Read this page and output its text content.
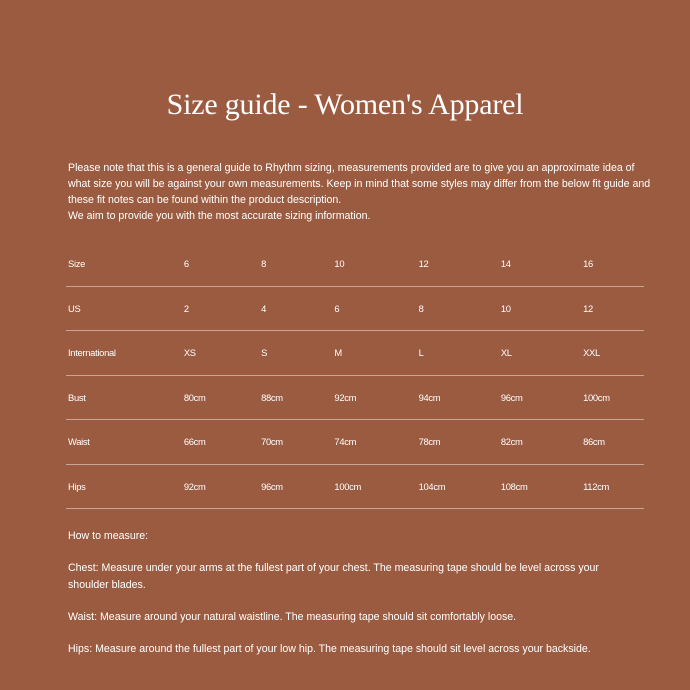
Size guide - Women's Apparel

Please note that this is a general guide to Rhythm sizing, measurements provided are to give you an approximate idea of what size you will be against your own measurements. Keep in mind that some styles may differ from the below fit guide and these fit notes can be found within the product description.

We aim to provide you with the most accurate sizing information.

Size	6	8	10	12	14	16
US	2	4	6	8	10	12
International	XS	S	M	L	XL	XXL
Bust	80cm	88cm	92cm	94cm	96cm	100cm
Waist	66cm	70cm	74cm	78cm	82cm	86cm
Hips	92cm	96cm	100cm	104cm	108cm	112cm

How to measure:

Chest: Measure under your arms at the fullest part of your chest. The measuring tape should be level across your shoulder blades.

Waist: Measure around your natural waistline. The measuring tape should sit comfortably loose.

Hips: Measure around the fullest part of your low hip. The measuring tape should sit level across your backside.
